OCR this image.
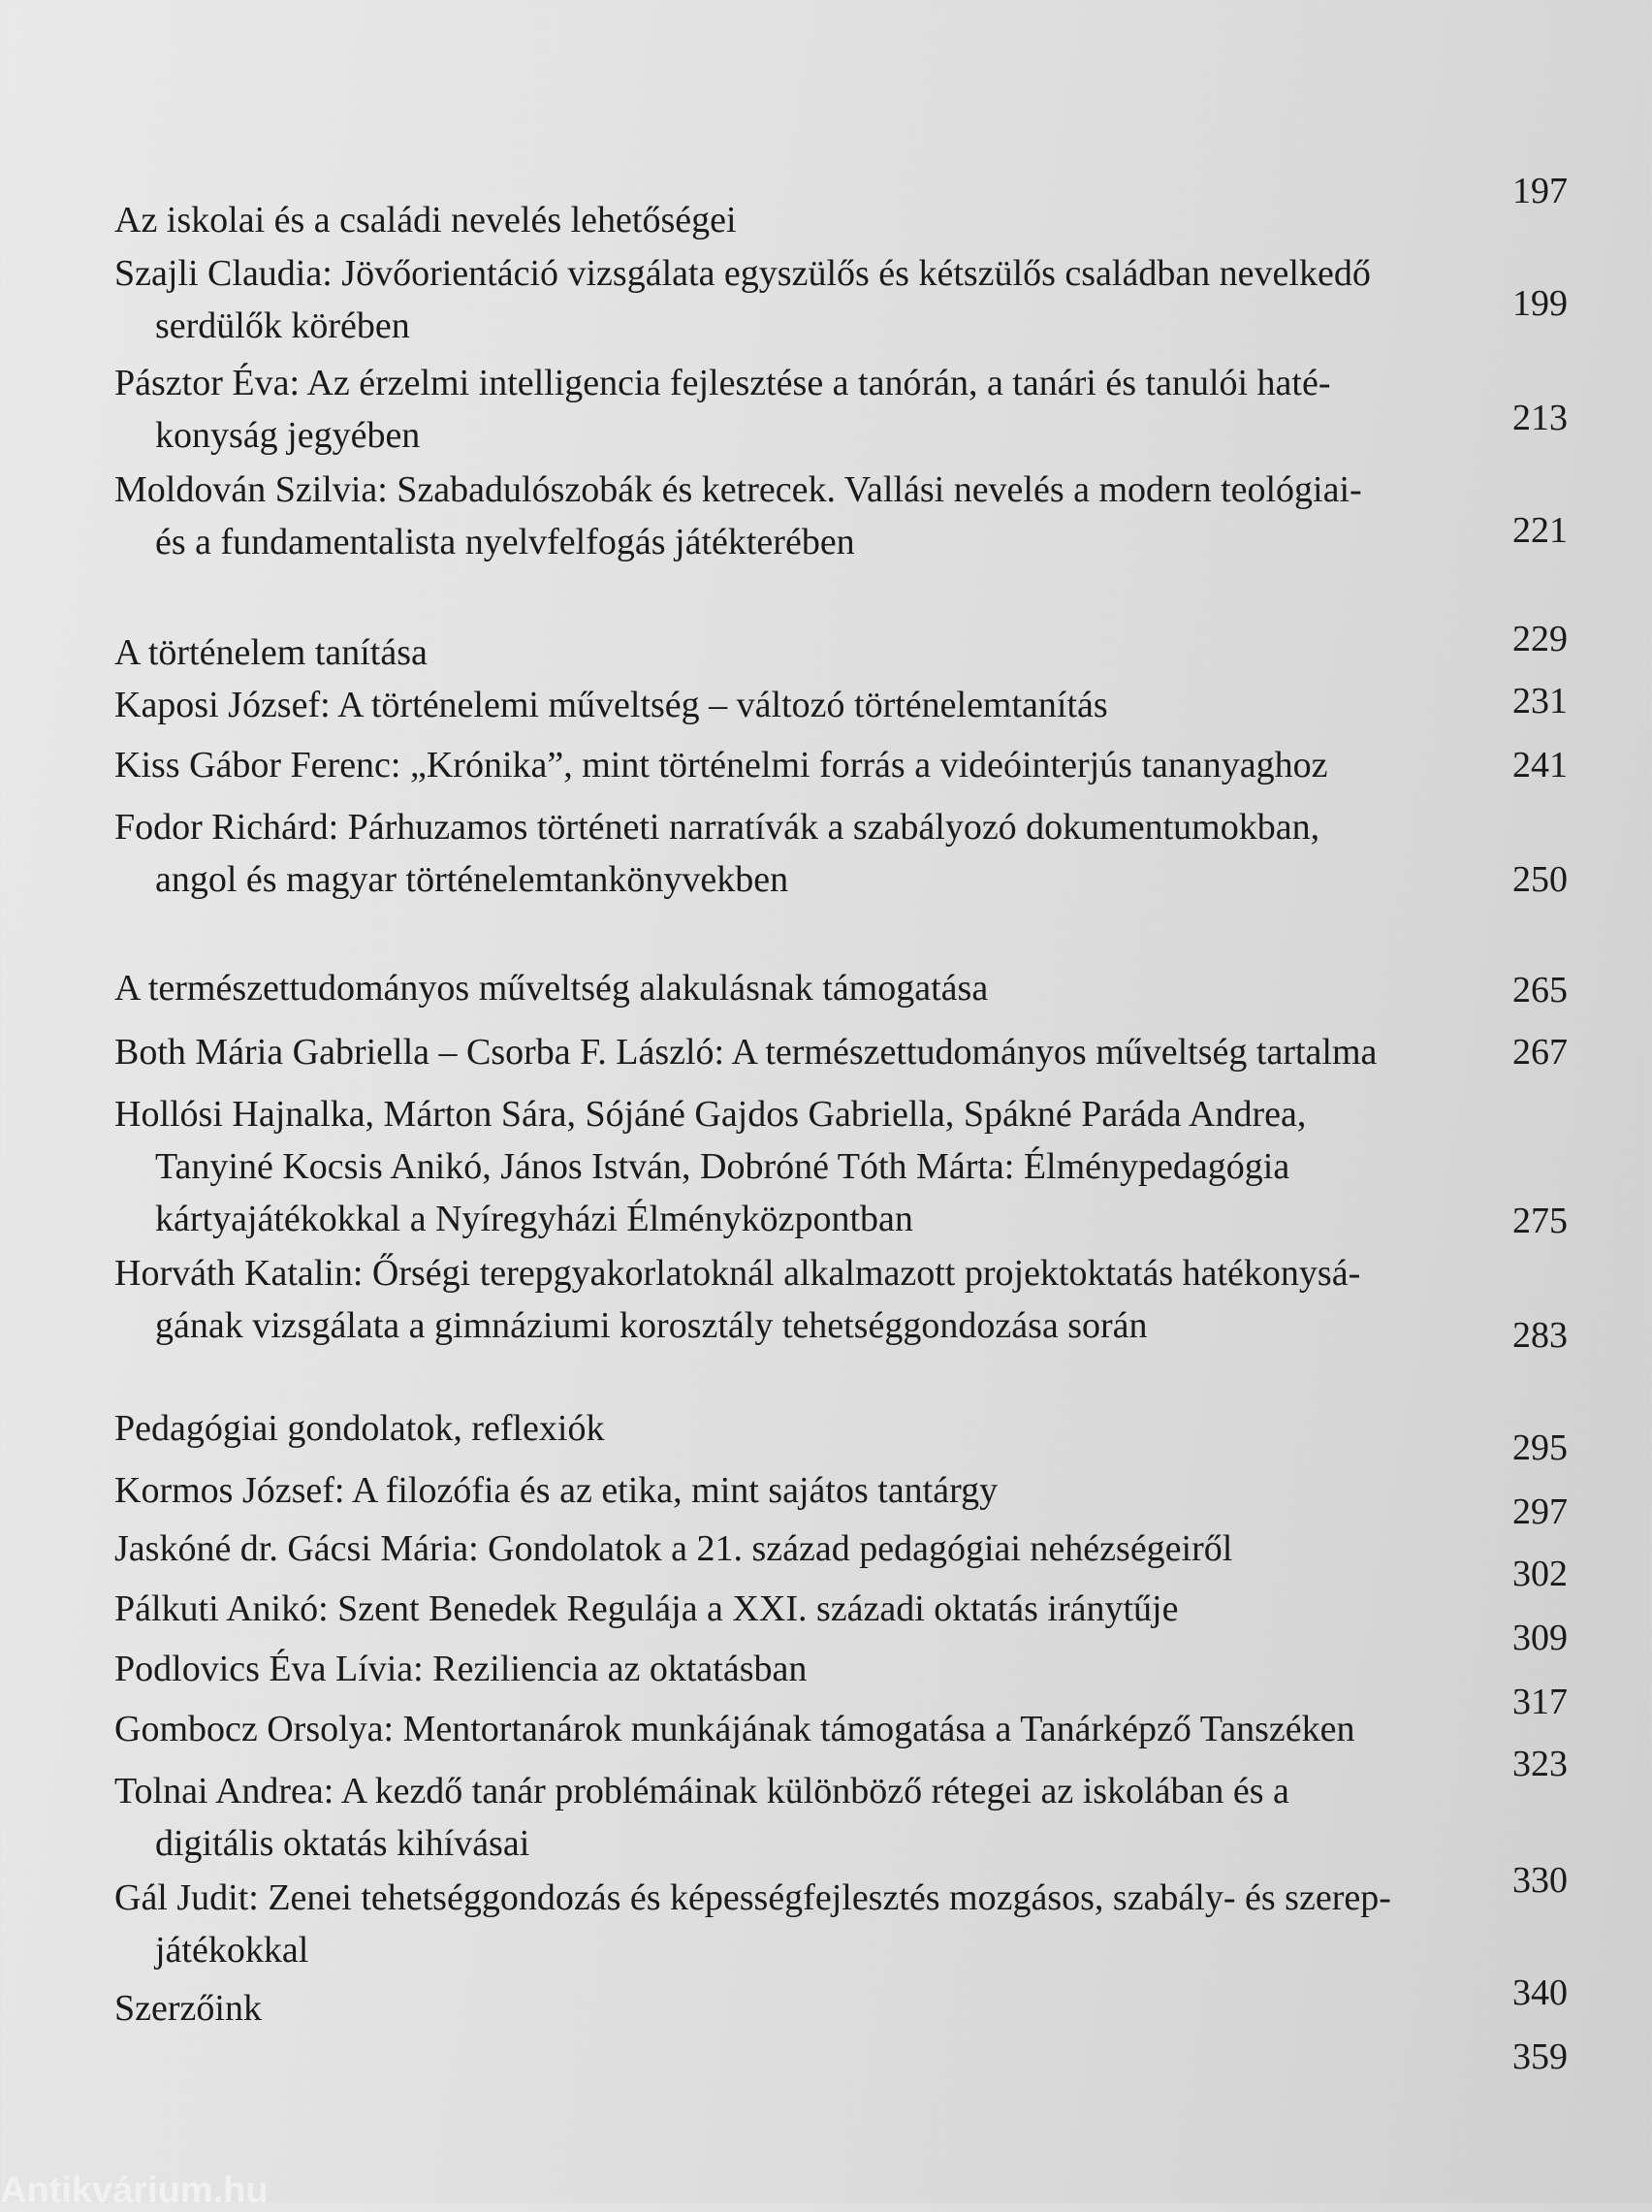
Az iskolai és a családi nevelés lehetőségei
Szajli Claudia: Jövőorientáció vizsgálata egyszülős és kétszülős családban nevelkedő
serdülők körében
Pásztor Éva: Az érzelmi intelligencia fejlesztése a tanórán, a tanári és tanulói haté-
konyság jegyében
Moldován Szilvia: Szabadulószobák és ketrecek. Vallási nevelés a modern teológiai-
és a fundamentalista nyelvfelfogás játékterében
A történelem tanítása
Kaposi József: A történelemi műveltség – változó történelemtanítás
Kiss Gábor Ferenc: „Krónika”, mint történelmi forrás a videóinterjús tananyaghoz
Fodor Richárd: Párhuzamos történeti narratívák a szabályozó dokumentumokban,
angol és magyar történelemtankönyvekben
A természettudományos műveltség alakulásnak támogatása
Both Mária Gabriella – Csorba F. László: A természettudományos műveltség tartalma
Hollósi Hajnalka, Márton Sára, Sójáné Gajdos Gabriella, Spákné Paráda Andrea,
Tanyiné Kocsis Anikó, János István, Dobróné Tóth Márta: Élménypedagógia
kártyajátékokkal a Nyíregyházi Élményközpontban
Horváth Katalin: Őrségi terepgyakorlatoknál alkalmazott projektoktatás hatékonysá-
gának vizsgálata a gimnáziumi korosztály tehetséggondozása során
Pedagógiai gondolatok, reflexiók
Kormos József: A filozófia és az etika, mint sajátos tantárgy
Jaskóné dr. Gácsi Mária: Gondolatok a 21. század pedagógiai nehézségeiről
Pálkuti Anikó: Szent Benedek Regulája a XXI. századi oktatás iránytűje
Podlovics Éva Lívia: Reziliencia az oktatásban
Gombocz Orsolya: Mentortanárok munkájának támogatása a Tanárképző Tanszéken
Tolnai Andrea: A kezdő tanár problémáinak különböző rétegei az iskolában és a
digitális oktatás kihívásai
Gál Judit: Zenei tehetséggondozás és képességfejlesztés mozgásos, szabály- és szerep-
játékokkal
Szerzőink
197
199
213
221
229
231
241
250
265
267
275
283
295
297
302
309
317
323
330
340
359
Antikvárium.hu
